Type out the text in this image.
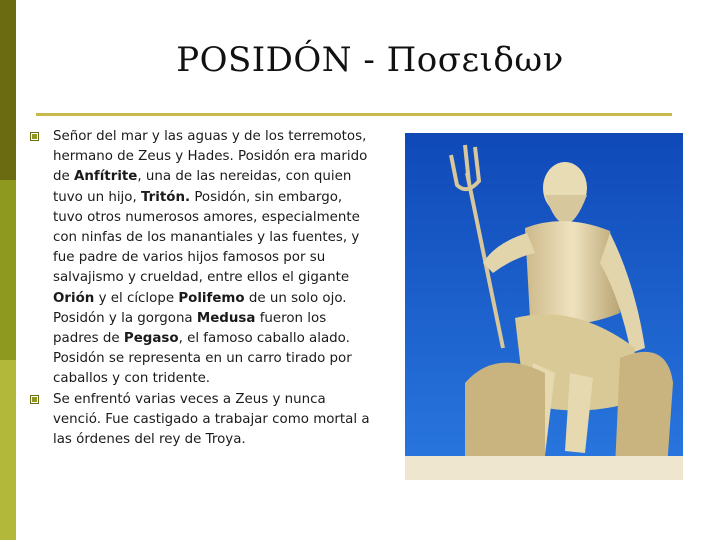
POSIDÓN - Ποσειδων

Señor del mar y las aguas y de los terremotos, hermano de Zeus y Hades. Posidón era marido de Anfítrite, una de las nereidas, con quien tuvo un hijo, Tritón. Posidón, sin embargo, tuvo otros numerosos amores, especialmente con ninfas de los manantiales y las fuentes, y fue padre de varios hijos famosos por su salvajismo y crueldad, entre ellos el gigante Orión y el cíclope Polifemo de un solo ojo. Posidón y la gorgona Medusa fueron los padres de Pegaso, el famoso caballo alado. Posidón se representa en un carro tirado por caballos y con tridente.

Se enfrentó varias veces a Zeus y nunca venció. Fue castigado a trabajar como mortal a las órdenes del rey de Troya.
